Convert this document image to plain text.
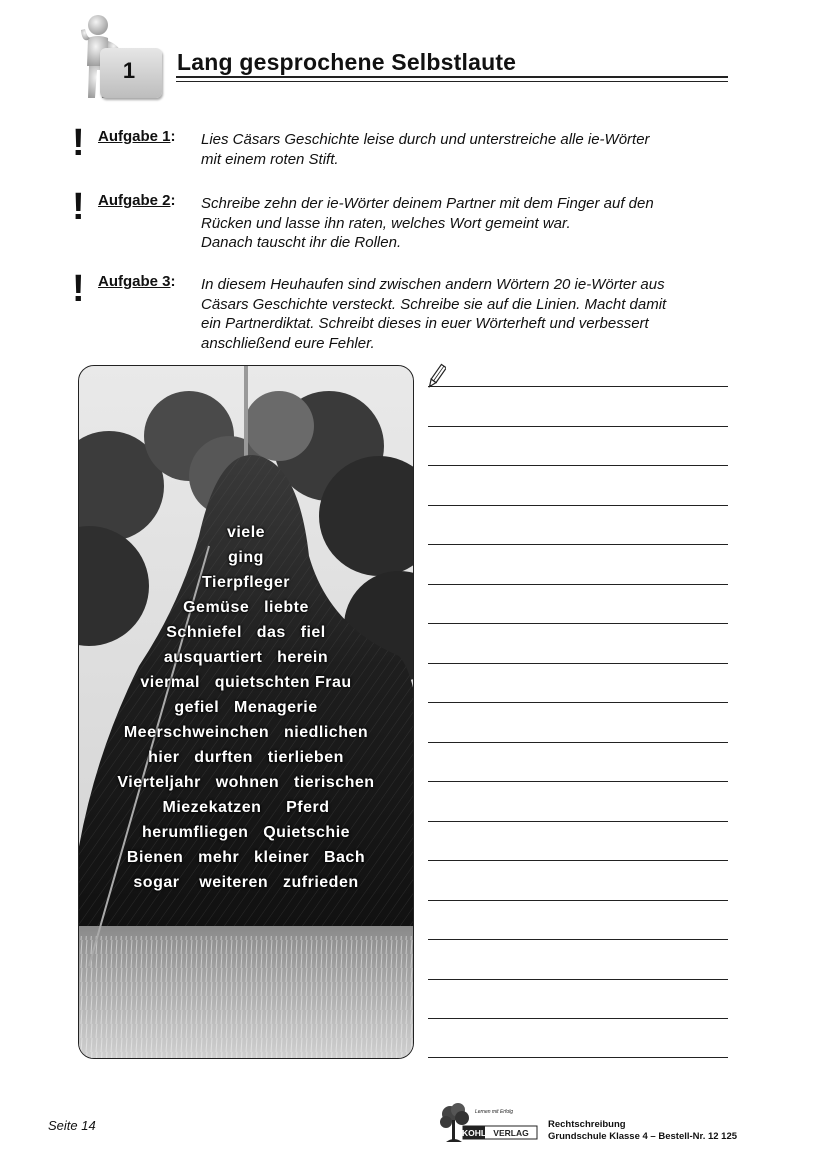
1	Lang gesprochene Selbstlaute
! Aufgabe 1: Lies Cäsars Geschichte leise durch und unterstreiche alle ie-Wörter
mit einem roten Stift.
! Aufgabe 2: Schreibe zehn der ie-Wörter deinem Partner mit dem Finger auf den
Rücken und lasse ihn raten, welches Wort gemeint war.
Danach tauscht ihr die Rollen.
! Aufgabe 3: In diesem Heuhaufen sind zwischen andern Wörtern 20 ie-Wörter aus
Cäsars Geschichte versteckt. Schreibe sie auf die Linien. Macht damit
ein Partnerdiktat. Schreibt dieses in euer Wörterheft und verbessert
anschließend eure Fehler.
viele
ging
Tierpfleger
Gemüse   liebte
Schniefel   das   fiel
ausquartiert   herein
viermal   quietschten Frau
gefiel   Menagerie
Meerschweinchen   niedlichen
hier   durften   tierlieben
Vierteljahr   wohnen   tierischen
Miezekatzen     Pferd
herumfliegen   Quietschie
Bienen   mehr   kleiner   Bach
sogar    weiteren   zufrieden
Seite 14
Lernen mit Erfolg
KOHL VERLAG
Rechtschreibung
Grundschule Klasse 4 – Bestell-Nr. 12 125
